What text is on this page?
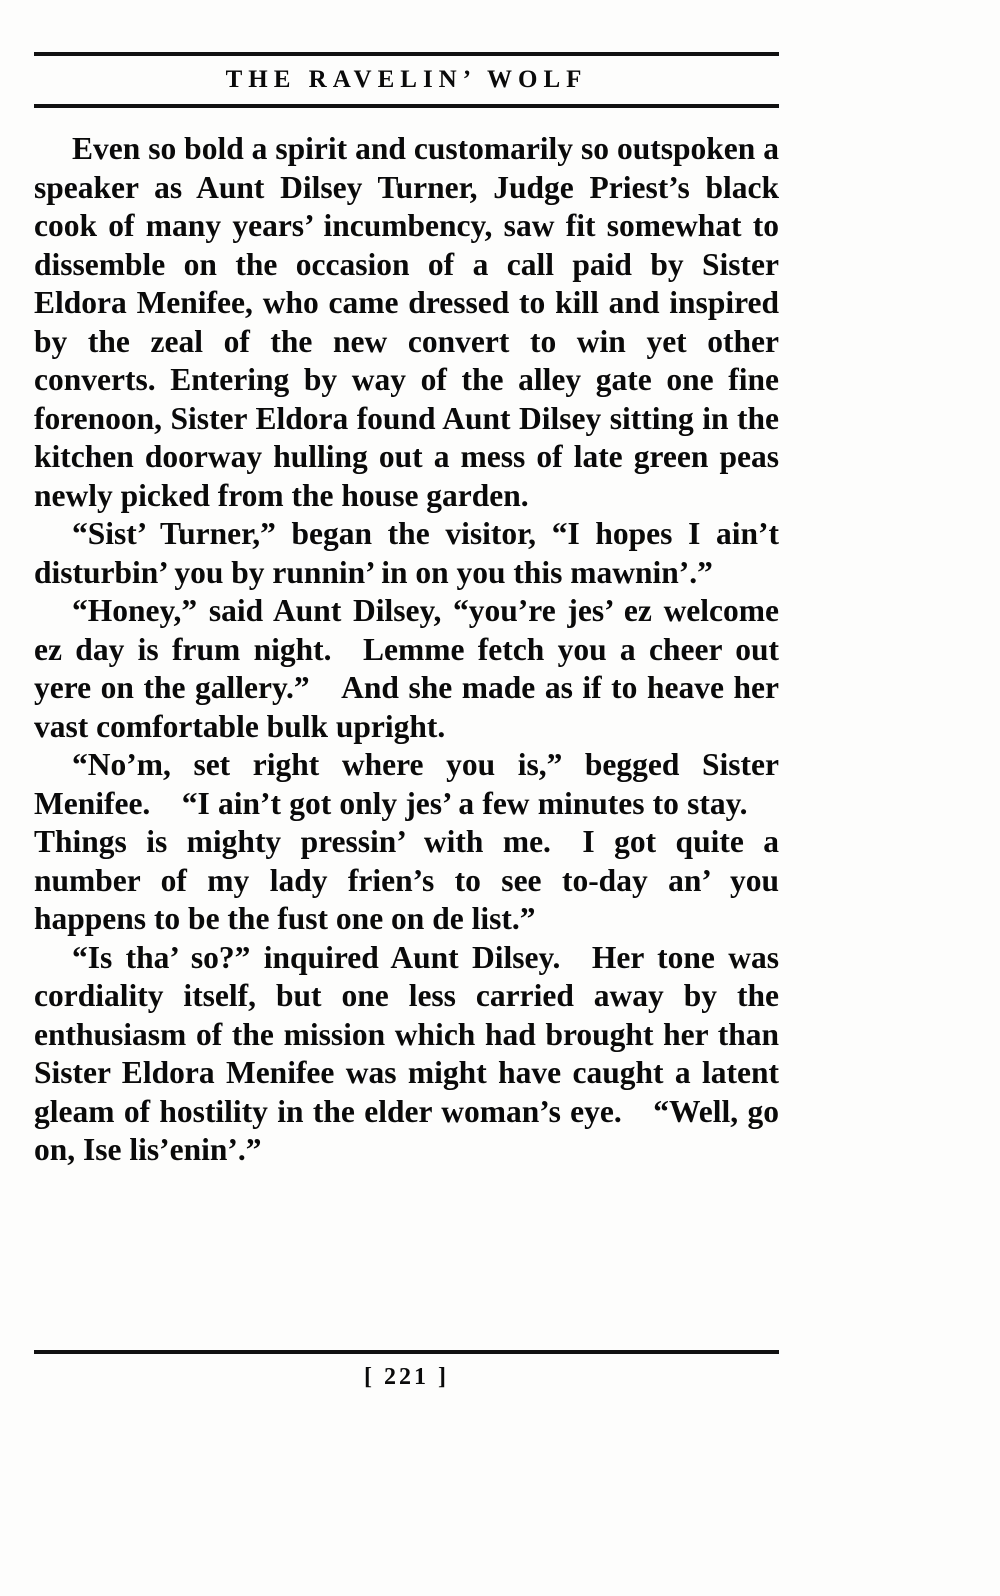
THE RAVELIN’ WOLF

Even so bold a spirit and customarily so outspoken a speaker as Aunt Dilsey Turner, Judge Priest’s black cook of many years’ incumbency, saw fit somewhat to dissemble on the occasion of a call paid by Sister Eldora Menifee, who came dressed to kill and inspired by the zeal of the new convert to win yet other converts. Entering by way of the alley gate one fine forenoon, Sister Eldora found Aunt Dilsey sitting in the kitchen doorway hulling out a mess of late green peas newly picked from the house garden.

“Sist’ Turner,” began the visitor, “I hopes I ain’t disturbin’ you by runnin’ in on you this mawnin’.”

“Honey,” said Aunt Dilsey, “you’re jes’ ez welcome ez day is frum night. Lemme fetch you a cheer out yere on the gallery.” And she made as if to heave her vast comfortable bulk upright.

“No’m, set right where you is,” begged Sister Menifee. “I ain’t got only jes’ a few minutes to stay. Things is mighty pressin’ with me. I got quite a number of my lady frien’s to see to-day an’ you happens to be the fust one on de list.”

“Is tha’ so?” inquired Aunt Dilsey. Her tone was cordiality itself, but one less carried away by the enthusiasm of the mission which had brought her than Sister Eldora Menifee was might have caught a latent gleam of hostility in the elder woman’s eye. “Well, go on, Ise lis’enin’.”

[ 221 ]
